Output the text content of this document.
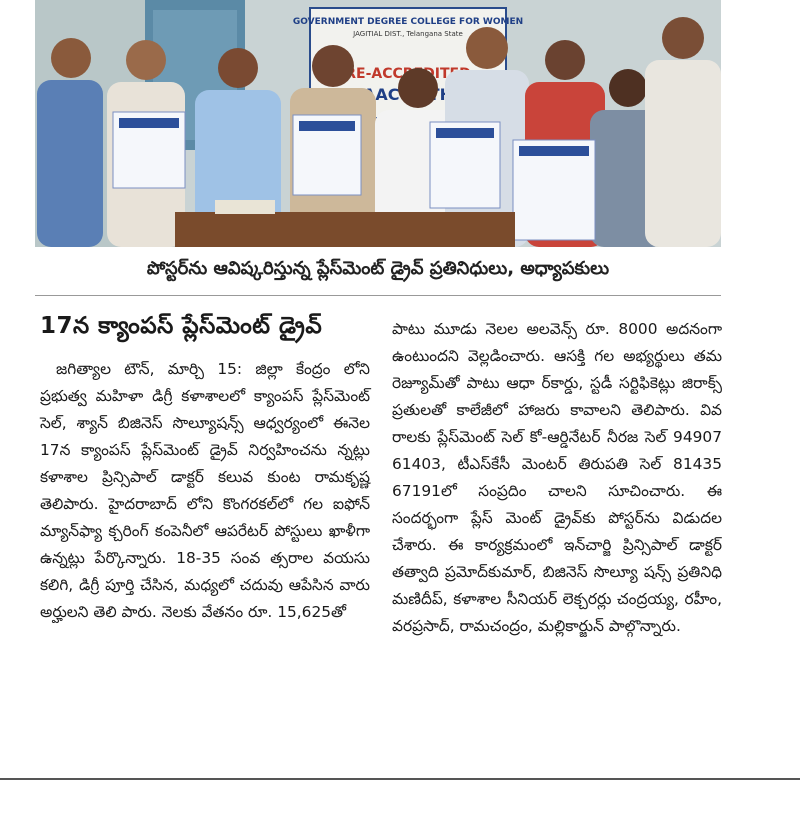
GOVERNMENT DEGREE COLLEGE FOR WOMEN
JAGITIAL DIST., Telangana State
AAC
పోస్టర్‌ను ఆవిష్కరిస్తున్న ప్లేస్‌మెంట్ డ్రైవ్ ప్రతినిధులు, అధ్యాపకులు
17న క్యాంపస్ ప్లేస్‌మెంట్ డ్రైవ్

జగిత్యాల టౌన్, మార్చి 15: జిల్లా కేంద్రం లోని ప్రభుత్వ మహిళా డిగ్రీ కళాశాలలో క్యాంపస్ ప్లేస్‌మెంట్ సెల్, శ్యాన్ బిజినెస్ సొల్యూషన్స్ ఆధ్వర్యంలో ఈనెల 17న క్యాంపస్ ప్లేస్‌మెంట్ డ్రైవ్ నిర్వహించను న్నట్లు కళాశాల ప్రిన్సిపాల్ డాక్టర్ కలువ కుంట రామకృష్ణ తెలిపారు. హైదరాబాద్ లోని కొంగరకల్‌లో గల ఐఫోన్ మ్యాన్‌ఫ్యా క్చరింగ్ కంపెనీలో ఆపరేటర్ పోస్టులు ఖాళీగా ఉన్నట్లు పేర్కొన్నారు. 18-35 సంవ త్సరాల వయసు కలిగి, డిగ్రీ పూర్తి చేసిన, మధ్యలో చదువు ఆపేసిన వారు అర్హులని తెలి పారు. నెలకు వేతనం రూ. 15,625తో

పాటు మూడు నెలల అలవెన్స్ రూ. 8000 అదనంగా ఉంటుందని వెల్లడించారు. ఆసక్తి గల అభ్యర్థులు తమ రెజ్యూమ్‌తో పాటు ఆధా ర్‌కార్డు, స్టడీ సర్టిఫికెట్లు జిరాక్స్ ప్రతులతో కాలేజీలో హాజరు కావాలని తెలిపారు. వివ రాలకు ప్లేస్‌మెంట్ సెల్ కో-ఆర్డినేటర్ నీరజ సెల్ 94907 61403, టీఎస్‌కేసీ మెంటర్ తిరుపతి సెల్ 81435 67191లో సంప్రదిం చాలని సూచించారు. ఈ సందర్భంగా ప్లేస్ మెంట్ డ్రైవ్‌కు పోస్టర్‌ను విడుదల చేశారు. ఈ కార్యక్రమంలో ఇన్‌చార్జి ప్రిన్సిపాల్ డాక్టర్ తత్వాది ప్రమోద్‌కుమార్, బిజినెస్ సొల్యూ షన్స్ ప్రతినిధి మణిదీప్, కళాశాల సీనియర్ లెక్చరర్లు చంద్రయ్య, రహీం, వరప్రసాద్, రామచంద్రం, మల్లికార్జున్ పాల్గొన్నారు.
